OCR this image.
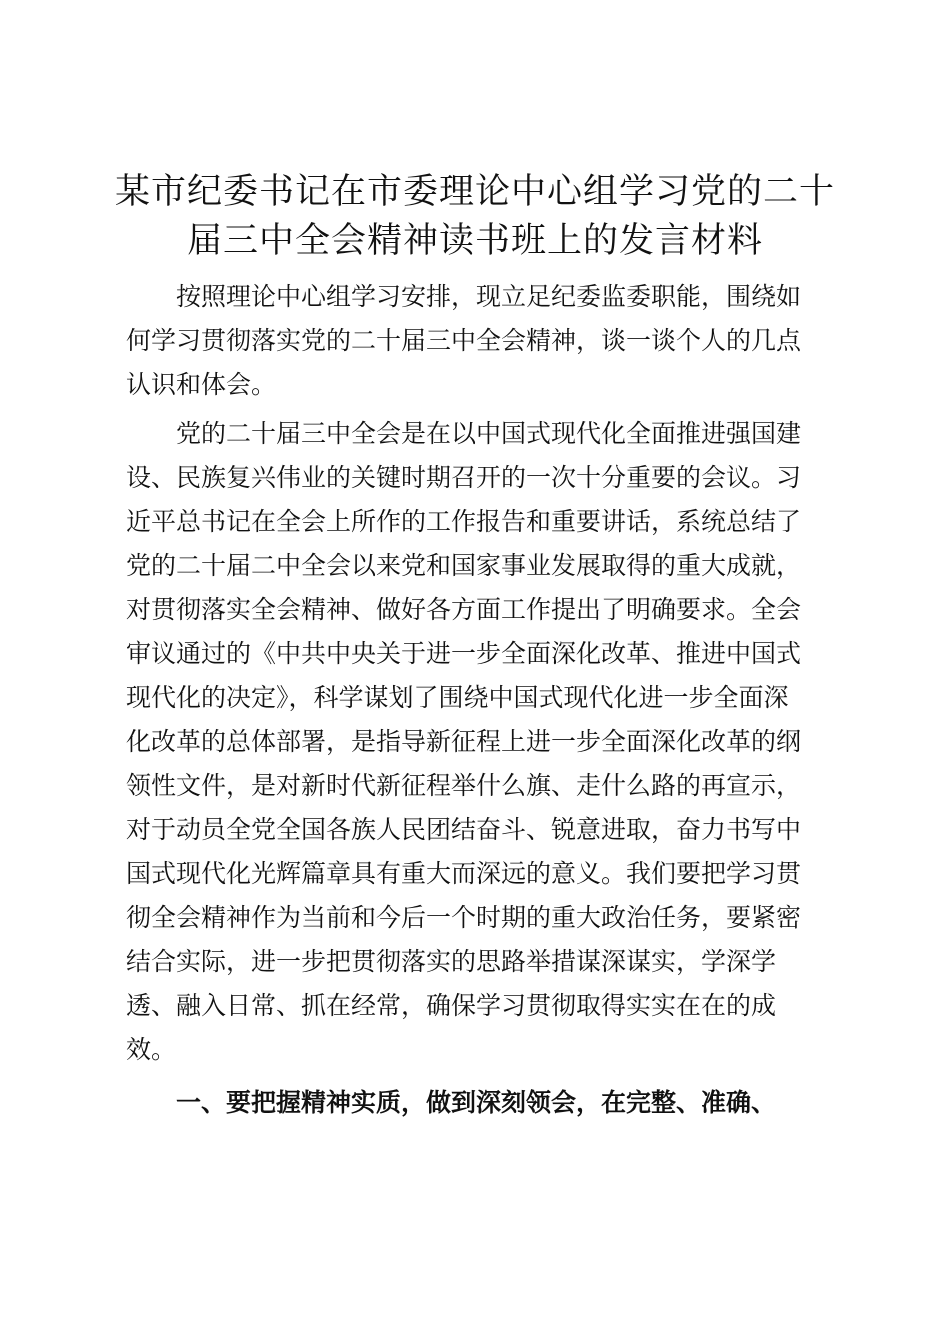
某市纪委书记在市委理论中心组学习党的二十
届三中全会精神读书班上的发言材料

　　按照理论中心组学习安排，现立足纪委监委职能，围绕如
何学习贯彻落实党的二十届三中全会精神，谈一谈个人的几点
认识和体会。

　　党的二十届三中全会是在以中国式现代化全面推进强国建
设、民族复兴伟业的关键时期召开的一次十分重要的会议。习
近平总书记在全会上所作的工作报告和重要讲话，系统总结了
党的二十届二中全会以来党和国家事业发展取得的重大成就，
对贯彻落实全会精神、做好各方面工作提出了明确要求。全会
审议通过的《中共中央关于进一步全面深化改革、推进中国式
现代化的决定》，科学谋划了围绕中国式现代化进一步全面深
化改革的总体部署，是指导新征程上进一步全面深化改革的纲
领性文件，是对新时代新征程举什么旗、走什么路的再宣示，
对于动员全党全国各族人民团结奋斗、锐意进取，奋力书写中
国式现代化光辉篇章具有重大而深远的意义。我们要把学习贯
彻全会精神作为当前和今后一个时期的重大政治任务，要紧密
结合实际，进一步把贯彻落实的思路举措谋深谋实，学深学
透、融入日常、抓在经常，确保学习贯彻取得实实在在的成
效。

　　一、要把握精神实质，做到深刻领会，在完整、准确、
